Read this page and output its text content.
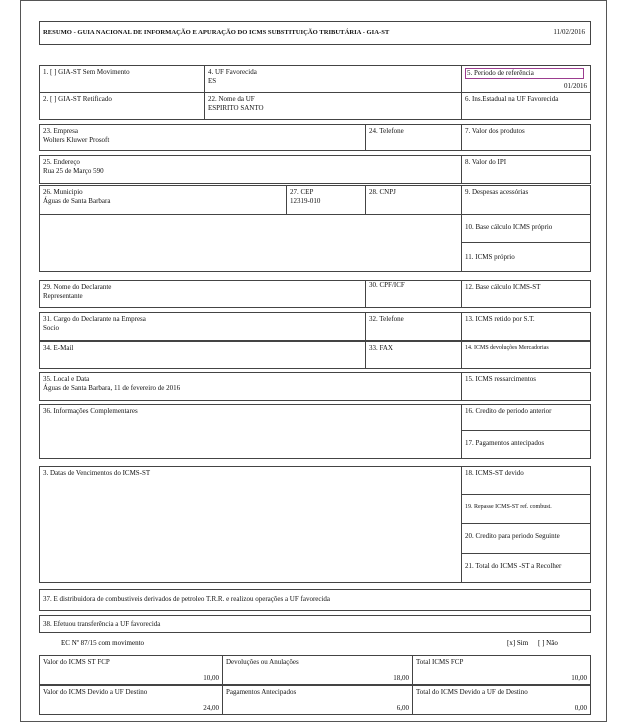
RESUMO - GUIA NACIONAL DE INFORMAÇÃO E APURAÇÃO DO ICMS SUBSTITUIÇÃO TRIBUTÁRIA - GIA-ST	11/02/2016
1. [ ] GIA-ST Sem Movimento	4. UF Favorecida
ES
5. Periodo de referência
01/2016
2. [ ] GIA-ST Retificado	22. Nome da UF
ESPIRITO SANTO
6. Ins.Estadual na UF Favorecida
23. Empresa
Wolters Kluwer Prosoft
24. Telefone	7. Valor dos produtos
25. Endereço
Rua 25 de Março 590
8. Valor do IPI
26. Municipio
Águas de Santa Barbara
27. CEP
12319-010
28. CNPJ	9. Despesas acessórias
10. Base cálculo ICMS próprio
11. ICMS próprio
29. Nome do Declarante
Representante
30. CPF/ICF	12. Base cálculo ICMS-ST
31. Cargo do Declarante na Empresa
Socio
32. Telefone	13. ICMS retido por S.T.
34. E-Mail	33. FAX	14. ICMS devoluções Mercadorias
35. Local e Data
Águas de Santa Barbara, 11 de fevereiro de 2016
15. ICMS ressarcimentos
36. Informações Complementares	16. Credito de periodo anterior
17. Pagamentos antecipados
3. Datas de Vencimentos do ICMS-ST	18. ICMS-ST devido
19. Repasse ICMS-ST ref. combust.
20. Credito para periodo Seguinte
21. Total do ICMS -ST a Recolher
37. E distribuidora de combustiveis derivados de petroleo T.R.R. e realizou operações a UF favorecida
38. Efetuou transferência a UF favorecida
EC Nº 87/15 com movimento	[x] Sim [ ] Não
Valor do ICMS ST FCP
10,00
Devoluções ou Anulações
18,00
Total ICMS FCP
10,00
Valor do ICMS Devido a UF Destino
24,00
Pagamentos Antecipados
6,00
Total do ICMS Devido a UF de Destino
0,00
